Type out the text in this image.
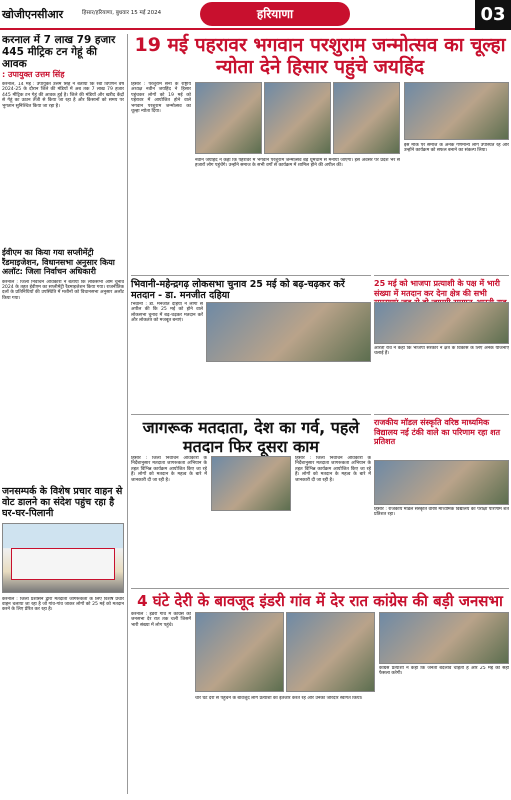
खोजीएनसीआर	हिसार/हरियाणा, बुधवार 15 मई 2024	हरियाणा	03
करनाल में 7 लाख 79 हजार 445 मीट्रिक टन गेहूं की आवक
: उपायुक्त उत्तम सिंह
करनाल, 14 मई : उपायुक्त उत्तम सिंह ने बताया कि रबी विपणन वर्ष 2024-25 के दौरान जिले की मंडियों में अब तक 7 लाख 79 हजार 445 मीट्रिक टन गेहूं की आवक हुई है। जिले की मंडियों और खरीद केंद्रों से गेहूं का उठान तेजी से किया जा रहा है और किसानों को समय पर भुगतान सुनिश्चित किया जा रहा है।
ईवीएम का किया गया सप्लीमेंट्री रैंडमाइजेशन, विधानसभा अनुसार किया अलॉट: जिला निर्वाचन अधिकारी
करनाल : जिला निर्वाचन अधिकारी ने बताया कि लोकसभा आम चुनाव 2024 के तहत ईवीएम का सप्लीमेंट्री रैंडमाइजेशन किया गया। राजनीतिक दलों के प्रतिनिधियों की उपस्थिति में मशीनों को विधानसभा अनुसार अलॉट किया गया।
जनसम्पर्क के विशेष प्रचार वाहन से वोट डालने का संदेश पहुंच रहा है घर-घर-पिलानी
करनाल : जिला प्रशासन द्वारा मतदाता जागरूकता के लिए विशेष प्रचार वाहन चलाया जा रहा है जो गांव-गांव जाकर लोगों को 25 मई को मतदान करने के लिए प्रेरित कर रहा है।
19 मई पहरावर भगवान परशुराम जन्मोत्सव का चूल्हा न्योता देने हिसार पहुंचे जयहिंद
हिसार : परशुराम सेना के राष्ट्रीय अध्यक्ष नवीन जयहिंद ने हिसार पहुंचकर लोगों को 19 मई को पहरावर में आयोजित होने वाले भगवान परशुराम जन्मोत्सव का चूल्हा न्योता दिया।
नवीन जयहिंद ने कहा कि पहरावर में भगवान परशुराम जन्मोत्सव बड़े धूमधाम से मनाया जाएगा। इस अवसर पर प्रदेश भर से हजारों लोग पहुंचेंगे। उन्होंने समाज के सभी वर्गों से कार्यक्रम में शामिल होने की अपील की।
इस मौके पर समाज के अनेक गणमान्य लोग उपस्थित रहे और उन्होंने कार्यक्रम को सफल बनाने का संकल्प लिया।
भिवानी-महेन्द्रगढ़ लोकसभा चुनाव 25 मई को बढ़-चढ़कर करें मतदान - डा. मनजीत दहिया
भिवानी : डा. मनजीत दहिया ने लोगों से अपील की कि 25 मई को होने वाले लोकसभा चुनाव में बढ़-चढ़कर मतदान करें और लोकतंत्र को मजबूत बनाएं।
25 मई को भाजपा प्रत्याशी के पक्ष में भारी संख्या में मतदान कर देना क्षेत्र की सभी
आरती राव ने कहा कि भाजपा सरकार ने क्षेत्र के विकास के लिए अनेक योजनाएं चलाई हैं।
जागरूक मतदाता, देश का गर्व, पहले मतदान फिर दूसरा काम
हिसार : जिला निर्वाचन अधिकारी के निर्देशानुसार मतदाता जागरूकता अभियान के तहत विभिन्न कार्यक्रम आयोजित किए जा रहे हैं। लोगों को मतदान के महत्व के बारे में जानकारी दी जा रही है।
हिसार : जिला निर्वाचन अधिकारी के निर्देशानुसार मतदाता जागरूकता अभियान के तहत विभिन्न कार्यक्रम आयोजित किए जा रहे हैं। लोगों को मतदान के महत्व के बारे में जानकारी दी जा रही है।
राजकीय मॉडल संस्कृति वरिष्ठ माध्यमिक विद्यालय नई टंकी वाले का परिणाम रहा शत प्रतिशत
हिसार : राजकीय मॉडल संस्कृति वरिष्ठ माध्यमिक विद्यालय का परीक्षा परिणाम शत प्रतिशत रहा।
4 घंटे देरी के बावजूद इंडरी गांव में देर रात कांग्रेस की बड़ी जनसभा
करनाल : इंडरी गांव में कांग्रेस की जनसभा देर रात तक चली जिसमें भारी संख्या में लोग पहुंचे।
चार घंटे देरी से पहुंचने के बावजूद लोग प्रत्याशी का इंतजार करते रहे और उनका जोरदार स्वागत किया।
कांग्रेस प्रत्याशी ने कहा कि जनता बदलाव चाहती है और 25 मई को सही फैसला करेगी।
